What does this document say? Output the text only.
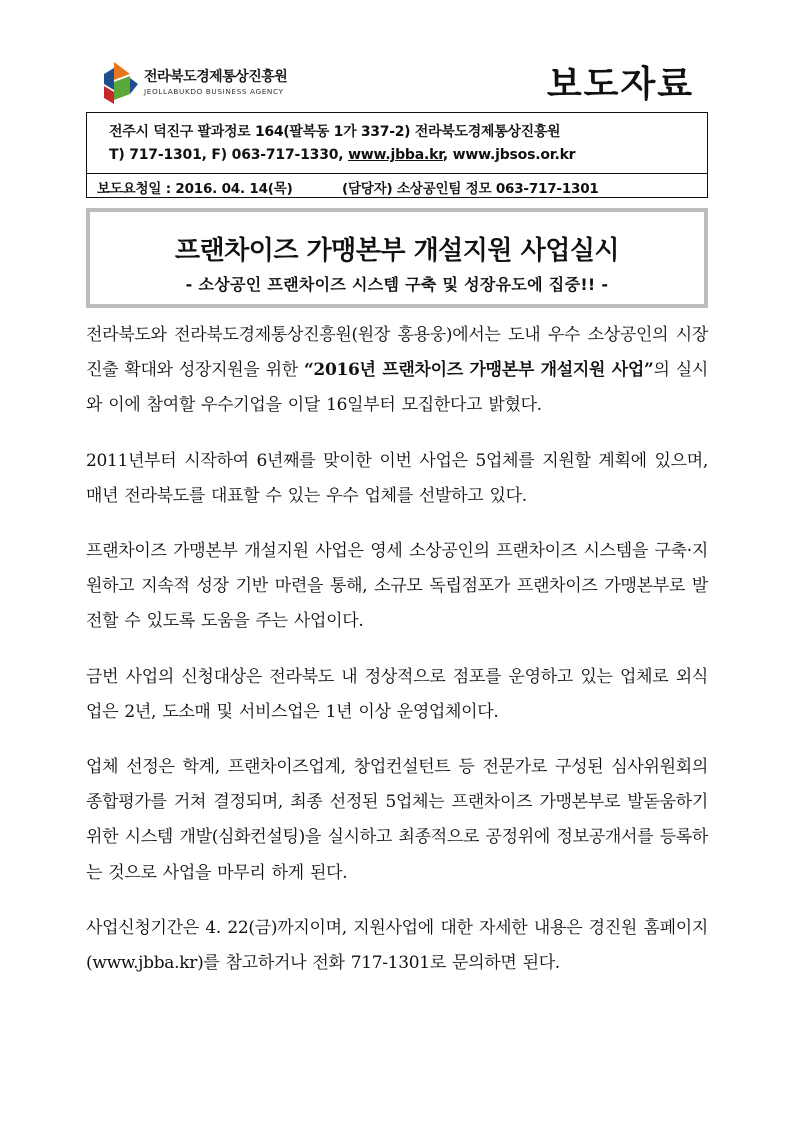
전라북도경제통상진흥원
JEOLLABUKDO BUSINESS AGENCY	보도자료
전주시 덕진구 팔과정로 164(팔복동 1가 337-2) 전라북도경제통상진흥원
T) 717-1301, F) 063-717-1330, www.jbba.kr, www.jbsos.or.kr
보도요청일 : 2016. 04. 14(목)	(담당자) 소상공인팀 정모 063-717-1301
프랜차이즈 가맹본부 개설지원 사업실시
- 소상공인 프랜차이즈 시스템 구축 및 성장유도에 집중!! -

전라북도와 전라북도경제통상진흥원(원장 홍용웅)에서는 도내 우수 소상공인의 시장진출 확대와 성장지원을 위한 “2016년 프랜차이즈 가맹본부 개설지원 사업”의 실시와 이에 참여할 우수기업을 이달 16일부터 모집한다고 밝혔다.

2011년부터 시작하여 6년째를 맞이한 이번 사업은 5업체를 지원할 계획에 있으며, 매년 전라북도를 대표할 수 있는 우수 업체를 선발하고 있다.

프랜차이즈 가맹본부 개설지원 사업은 영세 소상공인의 프랜차이즈 시스템을 구축·지원하고 지속적 성장 기반 마련을 통해, 소규모 독립점포가 프랜차이즈 가맹본부로 발전할 수 있도록 도움을 주는 사업이다.

금번 사업의 신청대상은 전라북도 내 정상적으로 점포를 운영하고 있는 업체로 외식업은 2년, 도소매 및 서비스업은 1년 이상 운영업체이다.

업체 선정은 학계, 프랜차이즈업계, 창업컨설턴트 등 전문가로 구성된 심사위원회의 종합평가를 거쳐 결정되며, 최종 선정된 5업체는 프랜차이즈 가맹본부로 발돋움하기 위한 시스템 개발(심화컨설팅)을 실시하고 최종적으로 공정위에 정보공개서를 등록하는 것으로 사업을 마무리 하게 된다.

사업신청기간은 4. 22(금)까지이며, 지원사업에 대한 자세한 내용은 경진원 홈페이지(www.jbba.kr)를 참고하거나 전화 717-1301로 문의하면 된다.
